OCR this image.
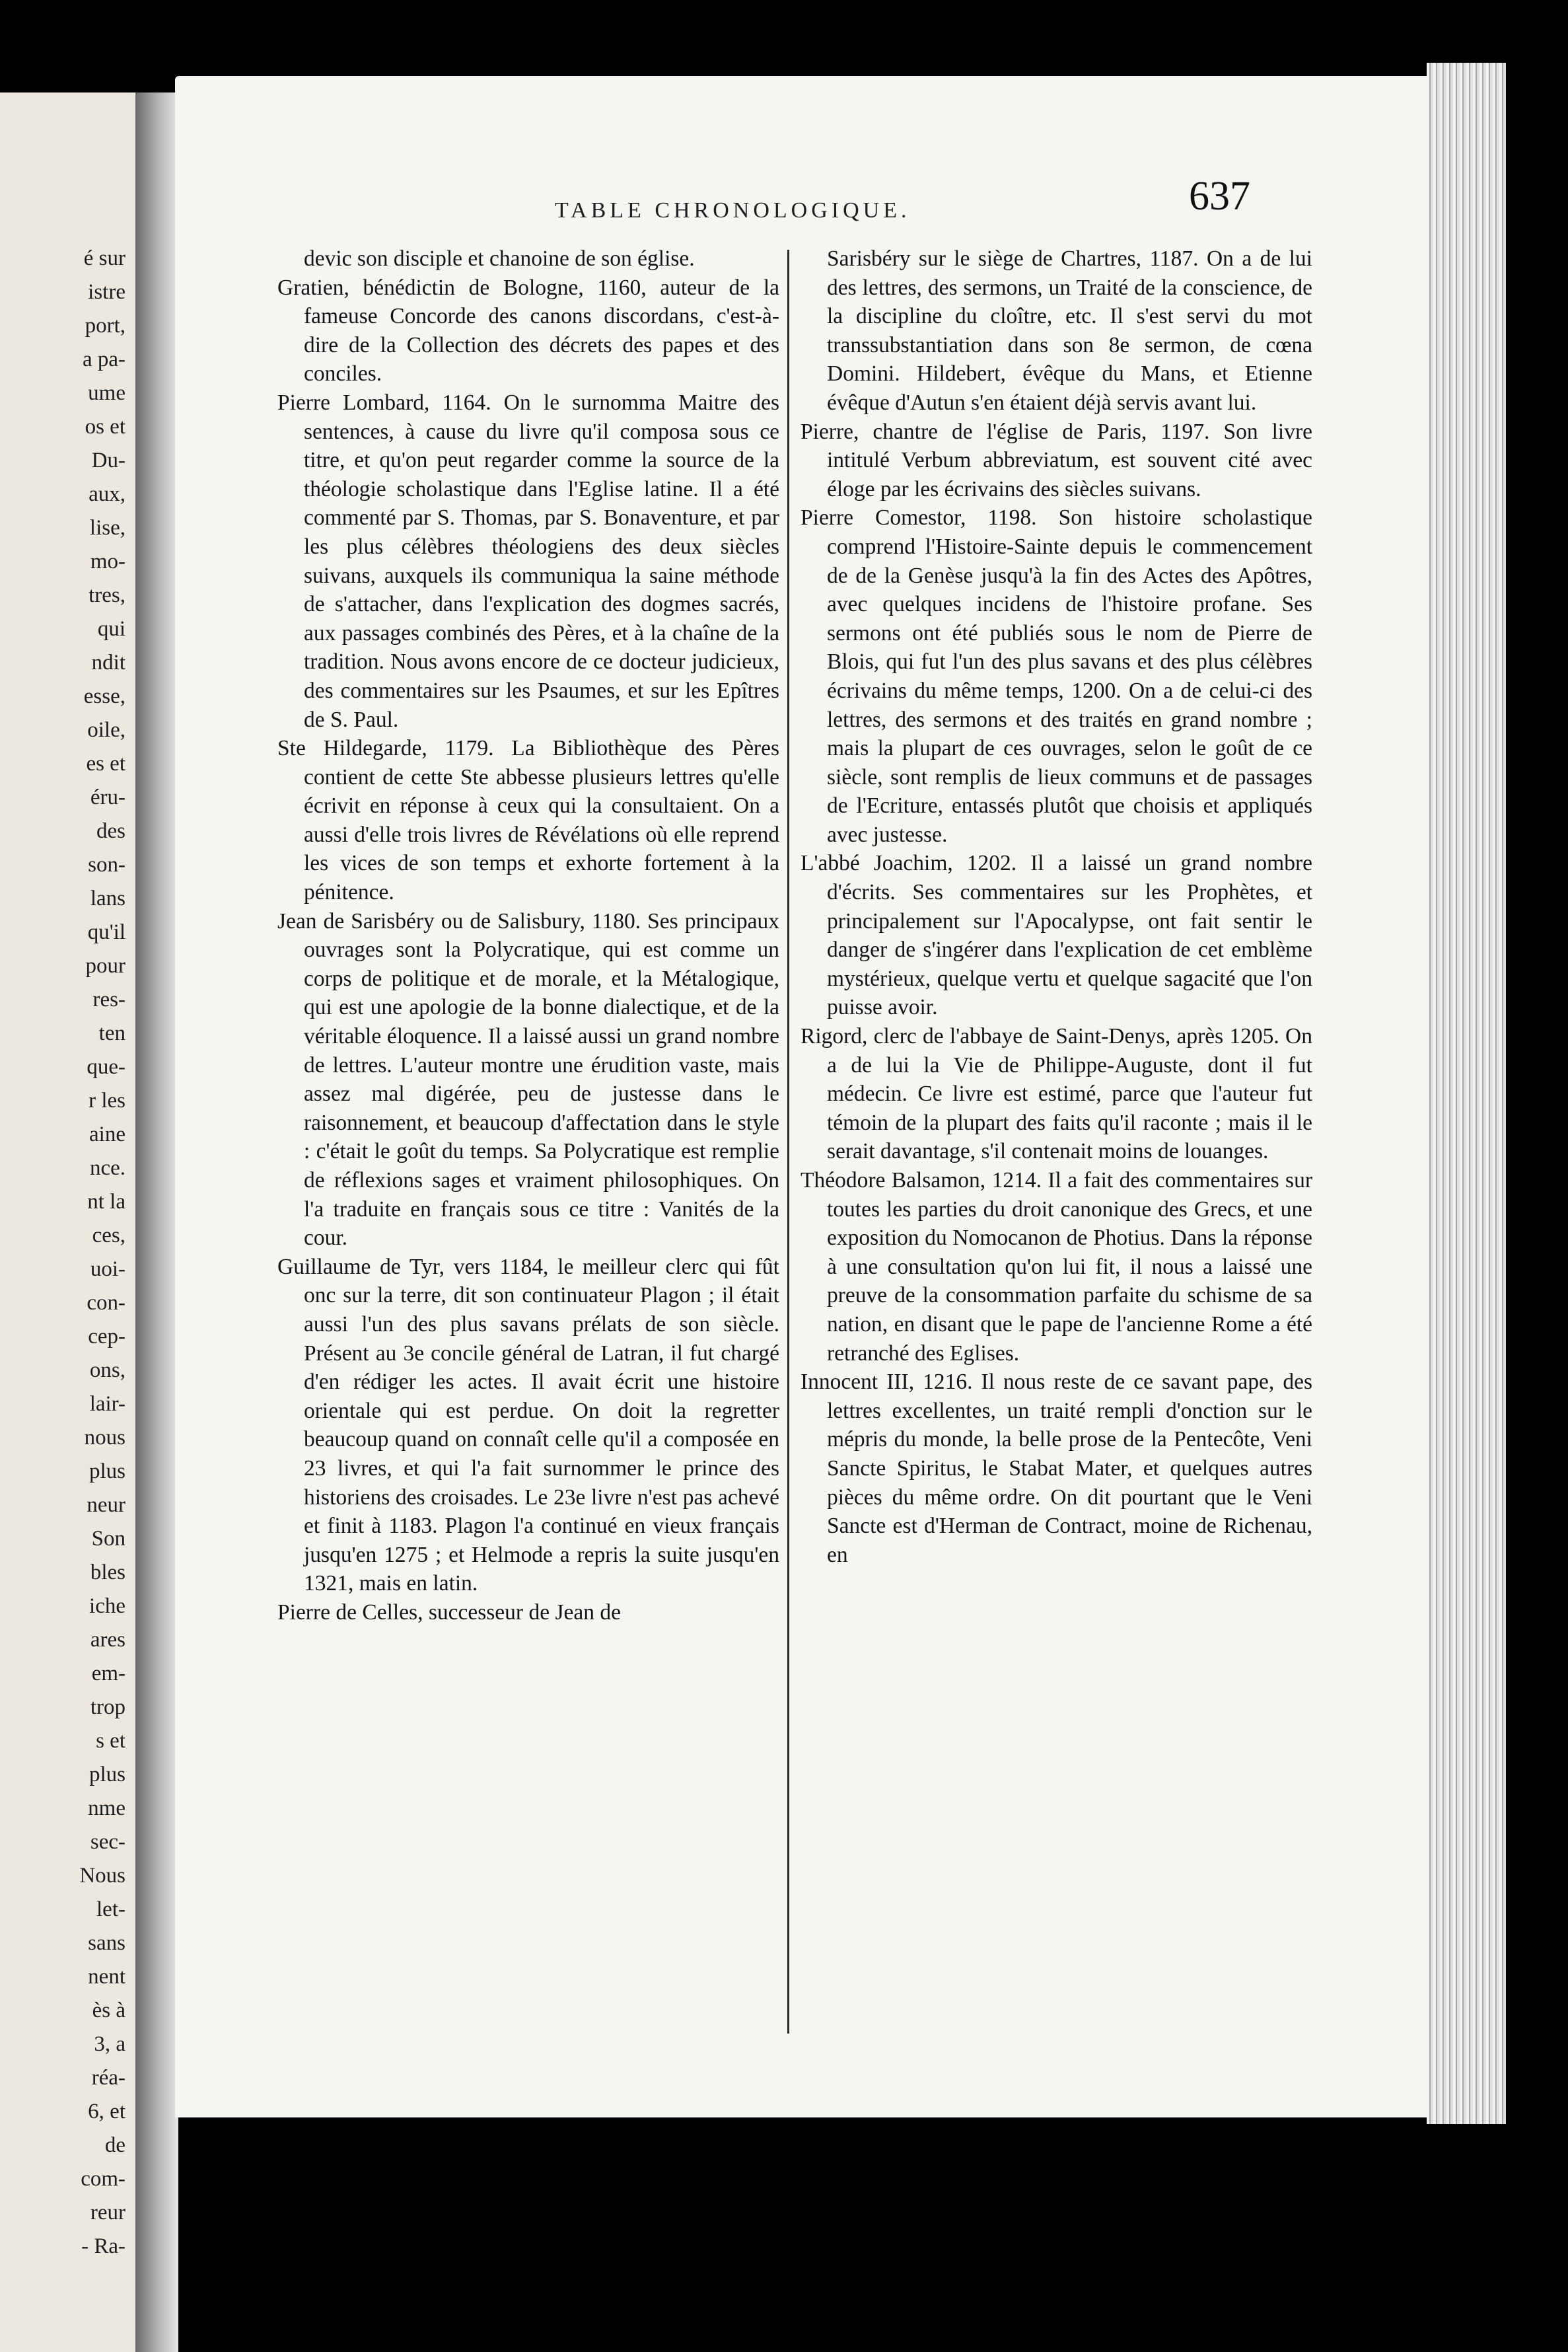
é sur
istre
port,
a pa-
ume
os et
Du-
aux,
lise,
mo-
tres,
qui
ndit
esse,
oile,
es et
éru-
des
son-
lans
qu'il
pour
res-
ten
que-
r les
aine
nce.
nt la
ces,
uoi-
con-
cep-
ons,
lair-
nous
plus
neur
Son
bles
iche
ares
em-
trop
s et
plus
nme
sec-
Nous
let-
sans
nent
ès à
3, a
réa-
6, et
de
com-
reur
- Ra-
TABLE CHRONOLOGIQUE.	637

devic son disciple et chanoine de son église.

Gratien, bénédictin de Bologne, 1160, auteur de la fameuse Concorde des canons discordans, c'est-à-dire de la Collection des décrets des papes et des conciles.

Pierre Lombard, 1164. On le surnomma Maitre des sentences, à cause du livre qu'il composa sous ce titre, et qu'on peut regarder comme la source de la théologie scholastique dans l'Eglise latine. Il a été commenté par S. Thomas, par S. Bonaventure, et par les plus célèbres théologiens des deux siècles suivans, auxquels ils communiqua la saine méthode de s'attacher, dans l'explication des dogmes sacrés, aux passages combinés des Pères, et à la chaîne de la tradition. Nous avons encore de ce docteur judicieux, des commentaires sur les Psaumes, et sur les Epîtres de S. Paul.

Ste Hildegarde, 1179. La Bibliothèque des Pères contient de cette Ste abbesse plusieurs lettres qu'elle écrivit en réponse à ceux qui la consultaient. On a aussi d'elle trois livres de Révélations où elle reprend les vices de son temps et exhorte fortement à la pénitence.

Jean de Sarisbéry ou de Salisbury, 1180. Ses principaux ouvrages sont la Polycratique, qui est comme un corps de politique et de morale, et la Métalogique, qui est une apologie de la bonne dialectique, et de la véritable éloquence. Il a laissé aussi un grand nombre de lettres. L'auteur montre une érudition vaste, mais assez mal digérée, peu de justesse dans le raisonnement, et beaucoup d'affectation dans le style : c'était le goût du temps. Sa Polycratique est remplie de réflexions sages et vraiment philosophiques. On l'a traduite en français sous ce titre : Vanités de la cour.

Guillaume de Tyr, vers 1184, le meilleur clerc qui fût onc sur la terre, dit son continuateur Plagon ; il était aussi l'un des plus savans prélats de son siècle. Présent au 3e concile général de Latran, il fut chargé d'en rédiger les actes. Il avait écrit une histoire orientale qui est perdue. On doit la regretter beaucoup quand on connaît celle qu'il a composée en 23 livres, et qui l'a fait surnommer le prince des historiens des croisades. Le 23e livre n'est pas achevé et finit à 1183. Plagon l'a continué en vieux français jusqu'en 1275 ; et Helmode a repris la suite jusqu'en 1321, mais en latin.

Pierre de Celles, successeur de Jean de

Sarisbéry sur le siège de Chartres, 1187. On a de lui des lettres, des sermons, un Traité de la conscience, de la discipline du cloître, etc. Il s'est servi du mot transsubstantiation dans son 8e sermon, de cœna Domini. Hildebert, évêque du Mans, et Etienne évêque d'Autun s'en étaient déjà servis avant lui.

Pierre, chantre de l'église de Paris, 1197. Son livre intitulé Verbum abbreviatum, est souvent cité avec éloge par les écrivains des siècles suivans.

Pierre Comestor, 1198. Son histoire scholastique comprend l'Histoire-Sainte depuis le commencement de de la Genèse jusqu'à la fin des Actes des Apôtres, avec quelques incidens de l'histoire profane. Ses sermons ont été publiés sous le nom de Pierre de Blois, qui fut l'un des plus savans et des plus célèbres écrivains du même temps, 1200. On a de celui-ci des lettres, des sermons et des traités en grand nombre ; mais la plupart de ces ouvrages, selon le goût de ce siècle, sont remplis de lieux communs et de passages de l'Ecriture, entassés plutôt que choisis et appliqués avec justesse.

L'abbé Joachim, 1202. Il a laissé un grand nombre d'écrits. Ses commentaires sur les Prophètes, et principalement sur l'Apocalypse, ont fait sentir le danger de s'ingérer dans l'explication de cet emblème mystérieux, quelque vertu et quelque sagacité que l'on puisse avoir.

Rigord, clerc de l'abbaye de Saint-Denys, après 1205. On a de lui la Vie de Philippe-Auguste, dont il fut médecin. Ce livre est estimé, parce que l'auteur fut témoin de la plupart des faits qu'il raconte ; mais il le serait davantage, s'il contenait moins de louanges.

Théodore Balsamon, 1214. Il a fait des commentaires sur toutes les parties du droit canonique des Grecs, et une exposition du Nomocanon de Photius. Dans la réponse à une consultation qu'on lui fit, il nous a laissé une preuve de la consommation parfaite du schisme de sa nation, en disant que le pape de l'ancienne Rome a été retranché des Eglises.

Innocent III, 1216. Il nous reste de ce savant pape, des lettres excellentes, un traité rempli d'onction sur le mépris du monde, la belle prose de la Pentecôte, Veni Sancte Spiritus, le Stabat Mater, et quelques autres pièces du même ordre. On dit pourtant que le Veni Sancte est d'Herman de Contract, moine de Richenau, en
